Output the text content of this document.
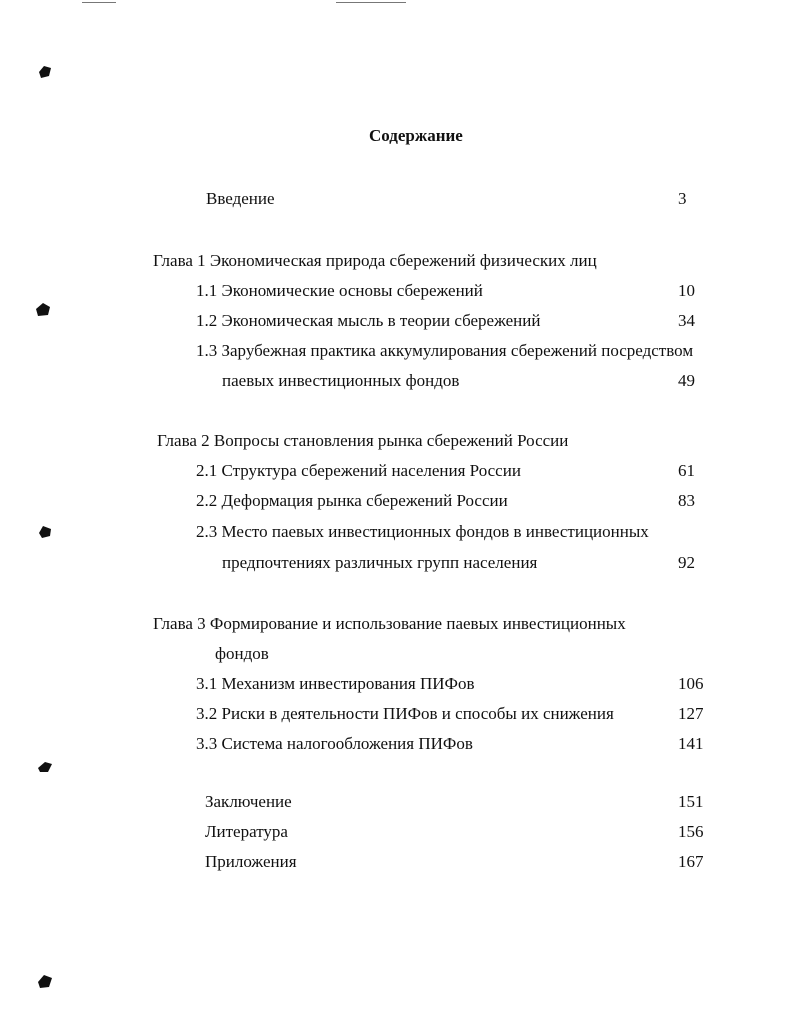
Содержание
Введение	3
Глава 1 Экономическая природа сбережений физических лиц
1.1 Экономические основы сбережений	10
1.2 Экономическая мысль в теории сбережений	34
1.3 Зарубежная практика аккумулирования сбережений посредством
паевых инвестиционных фондов	49
Глава 2 Вопросы становления рынка сбережений России
2.1 Структура сбережений населения России	61
2.2 Деформация рынка сбережений России	83
2.3 Место паевых инвестиционных фондов в инвестиционных
предпочтениях различных групп населения	92
Глава 3 Формирование и использование паевых инвестиционных
фондов
3.1 Механизм инвестирования ПИФов	106
3.2 Риски в деятельности ПИФов и способы их снижения	127
3.3 Система налогообложения ПИФов	141
Заключение	151
Литература	156
Приложения	167
